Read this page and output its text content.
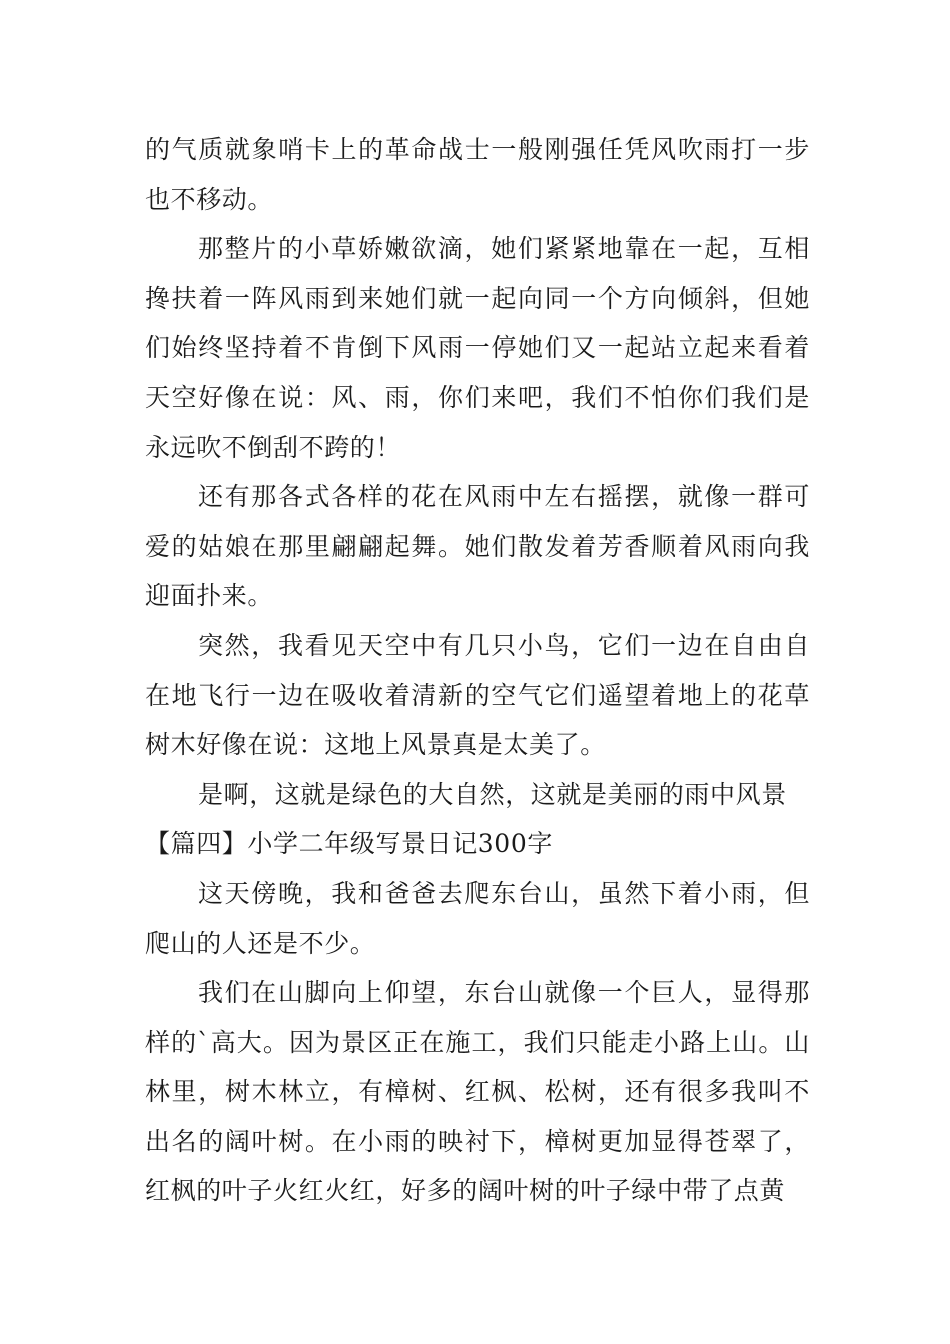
的气质就象哨卡上的革命战士一般刚强任凭风吹雨打一步也不移动。

那整片的小草娇嫩欲滴，她们紧紧地靠在一起，互相搀扶着一阵风雨到来她们就一起向同一个方向倾斜，但她们始终坚持着不肯倒下风雨一停她们又一起站立起来看着天空好像在说：风、雨，你们来吧，我们不怕你们我们是永远吹不倒刮不跨的！

还有那各式各样的花在风雨中左右摇摆，就像一群可爱的姑娘在那里翩翩起舞。她们散发着芳香顺着风雨向我迎面扑来。

突然，我看见天空中有几只小鸟，它们一边在自由自在地飞行一边在吸收着清新的空气它们遥望着地上的花草树木好像在说：这地上风景真是太美了。

是啊，这就是绿色的大自然，这就是美丽的雨中风景

【篇四】小学二年级写景日记300字

这天傍晚，我和爸爸去爬东台山，虽然下着小雨，但爬山的人还是不少。

我们在山脚向上仰望，东台山就像一个巨人，显得那样的`高大。因为景区正在施工，我们只能走小路上山。山林里，树木林立，有樟树、红枫、松树，还有很多我叫不出名的阔叶树。在小雨的映衬下，樟树更加显得苍翠了，红枫的叶子火红火红，好多的阔叶树的叶子绿中带了点黄
